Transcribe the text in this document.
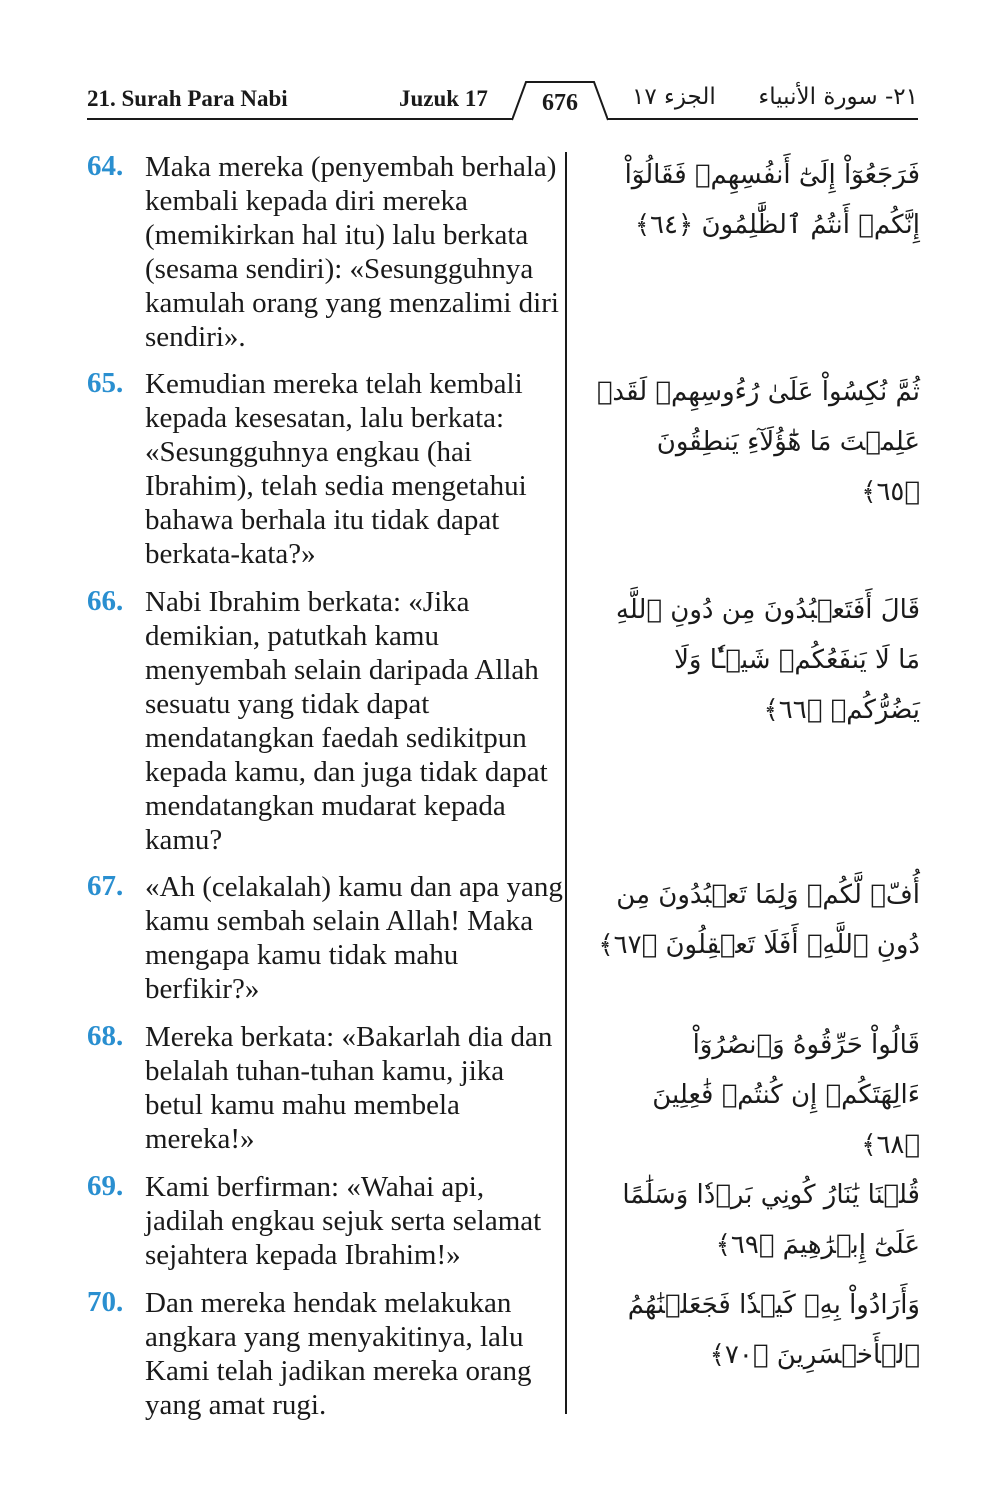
21. Surah Para Nabi	Juzuk 17	676	الجزء ١٧ ٢١- سورة الأنبياء
64. Maka mereka (penyembah berhala) kembali kepada diri mereka (memikirkan hal itu) lalu berkata (sesama sendiri): «Sesungguhnya kamulah orang yang menzalimi diri sendiri».
فَرَجَعُوٓاْ إِلَىٰٓ أَنفُسِهِمۡ فَقَالُوٓاْ إِنَّكُمۡ أَنتُمُ ٱلظَّٰلِمُونَ ﴿٦٤﴾
65. Kemudian mereka telah kembali kepada kesesatan, lalu berkata: «Sesungguhnya engkau (hai Ibrahim), telah sedia mengetahui bahawa berhala itu tidak dapat berkata-kata?»
ثُمَّ نُكِسُواْ عَلَىٰ رُءُوسِهِمۡ لَقَدۡ عَلِمۡتَ مَا هَٰٓؤُلَآءِ يَنطِقُونَ ﴿٦٥﴾
66. Nabi Ibrahim berkata: «Jika demikian, patutkah kamu menyembah selain daripada Allah sesuatu yang tidak dapat mendatangkan faedah sedikitpun kepada kamu, dan juga tidak dapat mendatangkan mudarat kepada kamu?
قَالَ أَفَتَعۡبُدُونَ مِن دُونِ ٱللَّهِ مَا لَا يَنفَعُكُمۡ شَيۡـٔٗا وَلَا يَضُرُّكُمۡ ﴿٦٦﴾
67. «Ah (celakalah) kamu dan apa yang kamu sembah selain Allah! Maka mengapa kamu tidak mahu berfikir?»
أُفّٖ لَّكُمۡ وَلِمَا تَعۡبُدُونَ مِن دُونِ ٱللَّهِۚ أَفَلَا تَعۡقِلُونَ ﴿٦٧﴾
68. Mereka berkata: «Bakarlah dia dan belalah tuhan-tuhan kamu, jika betul kamu mahu membela mereka!»
قَالُواْ حَرِّقُوهُ وَٱنصُرُوٓاْ ءَالِهَتَكُمۡ إِن كُنتُمۡ فَٰعِلِينَ ﴿٦٨﴾
69. Kami berfirman: «Wahai api, jadilah engkau sejuk serta selamat sejahtera kepada Ibrahim!»
قُلۡنَا يَٰنَارُ كُونِي بَرۡدٗا وَسَلَٰمًا عَلَىٰٓ إِبۡرَٰهِيمَ ﴿٦٩﴾
70. Dan mereka hendak melakukan angkara yang menyakitinya, lalu Kami telah jadikan mereka orang yang amat rugi.
وَأَرَادُواْ بِهِۦ كَيۡدٗا فَجَعَلۡنَٰهُمُ ٱلۡأَخۡسَرِينَ ﴿٧٠﴾
